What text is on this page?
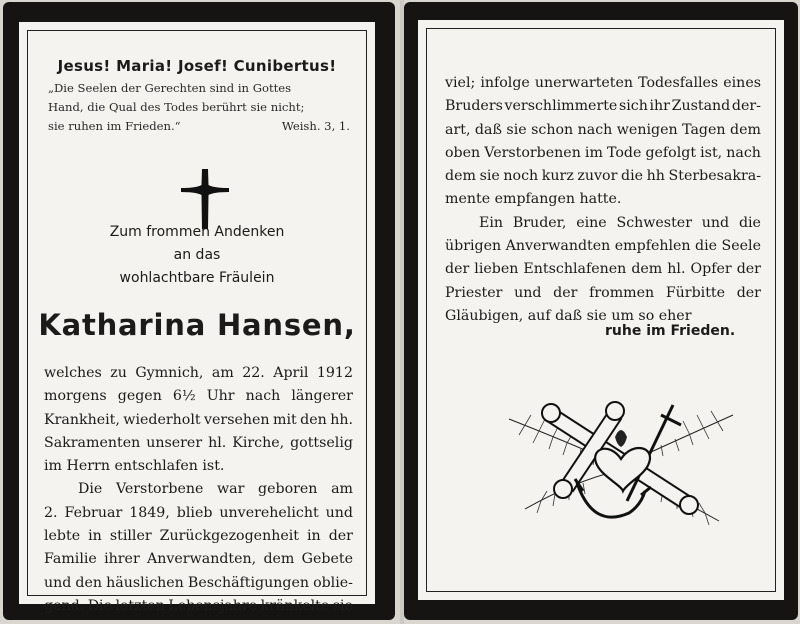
Jesus! Maria! Josef! Cunibertus!
„Die Seelen der Gerechten sind in Gottes
Hand, die Qual des Todes berührt sie nicht;
sie ruhen im Frieden.“	Weish. 3, 1.
Zum frommen Andenken
an das
wohlachtbare Fräulein
Katharina Hansen,
welches zu Gymnich, am 22. April 1912
morgens gegen 6½ Uhr nach längerer
Krankheit, wiederholt versehen mit den hh.
Sakramenten unserer hl. Kirche, gottselig
im Herrn entschlafen ist.
Die Verstorbene war geboren am
2. Februar 1849, blieb unverehelicht und
lebte in stiller Zurückgezogenheit in der
Familie ihrer Anverwandten, dem Gebete
und den häuslichen Beschäftigungen oblie-
gend. Die letzten Lebensjahre kränkelte sie
viel; infolge unerwarteten Todesfalles eines
Bruders verschlimmerte sich ihr Zustand der-
art, daß sie schon nach wenigen Tagen dem
oben Verstorbenen im Tode gefolgt ist, nach
dem sie noch kurz zuvor die hh Sterbesakra-
mente empfangen hatte.
Ein Bruder, eine Schwester und die
übrigen Anverwandten empfehlen die Seele
der lieben Entschlafenen dem hl. Opfer der
Priester und der frommen Fürbitte der
Gläubigen, auf daß sie um so eher
ruhe im Frieden.
